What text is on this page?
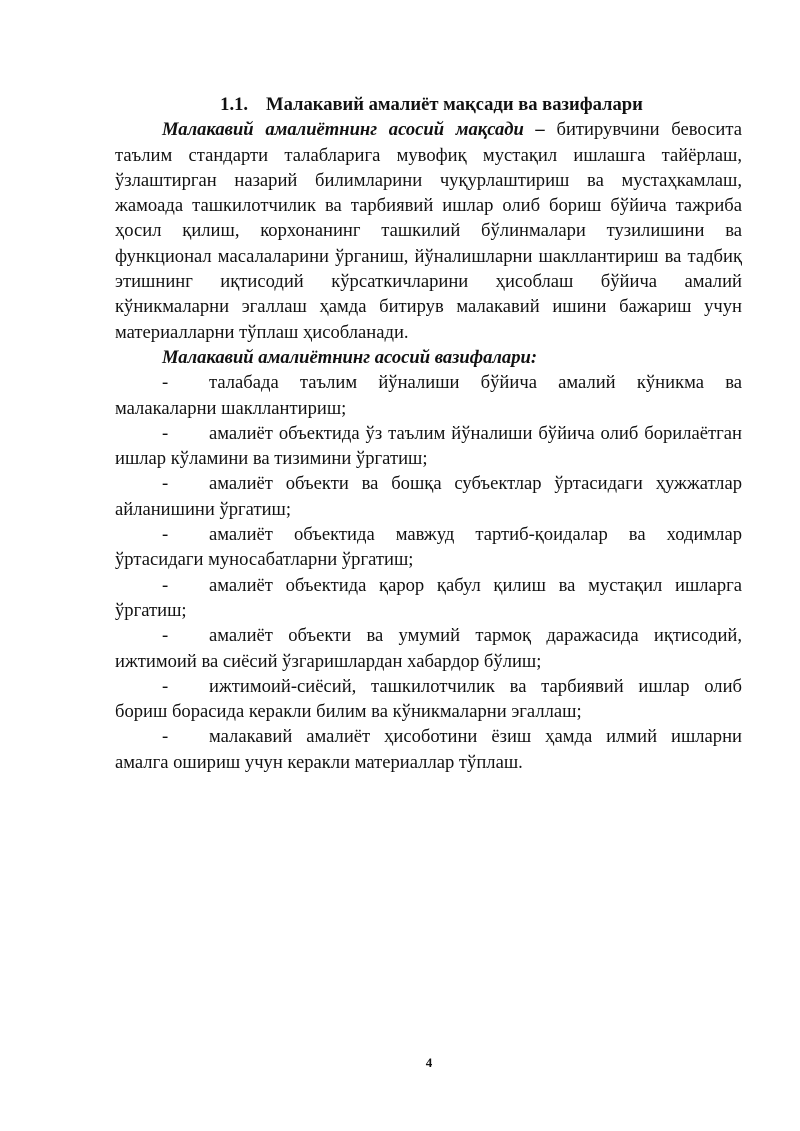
1.1. Малакавий амалиёт мақсади ва вазифалари

Малакавий амалиётнинг асосий мақсади – битирувчини бевосита таълим стандарти талабларига мувофиқ мустақил ишлашга тайёрлаш, ўзлаштирган назарий билимларини чуқурлаштириш ва мустаҳкамлаш, жамоада ташкилотчилик ва тарбиявий ишлар олиб бориш бўйича тажриба ҳосил қилиш, корхонанинг ташкилий бўлинмалари тузилишини ва функционал масалаларини ўрганиш, йўналишларни шакллантириш ва тадбиқ этишнинг иқтисодий кўрсаткичларини ҳисоблаш бўйича амалий кўникмаларни эгаллаш ҳамда битирув малакавий ишини бажариш учун материалларни тўплаш ҳисобланади.

Малакавий амалиётнинг асосий вазифалари:

- талабада таълим йўналиши бўйича амалий кўникма ва малакаларни шакллантириш;
- амалиёт объектида ўз таълим йўналиши бўйича олиб борилаётган ишлар кўламини ва тизимини ўргатиш;
- амалиёт объекти ва бошқа субъектлар ўртасидаги ҳужжатлар айланишини ўргатиш;
- амалиёт объектида мавжуд тартиб-қоидалар ва ходимлар ўртасидаги муносабатларни ўргатиш;
- амалиёт объектида қарор қабул қилиш ва мустақил ишларга ўргатиш;
- амалиёт объекти ва умумий тармоқ даражасида иқтисодий, ижтимоий ва сиёсий ўзгаришлардан хабардор бўлиш;
- ижтимоий-сиёсий, ташкилотчилик ва тарбиявий ишлар олиб бориш борасида керакли билим ва кўникмаларни эгаллаш;
- малакавий амалиёт ҳисоботини ёзиш ҳамда илмий ишларни амалга ошириш учун керакли материаллар тўплаш.
4
